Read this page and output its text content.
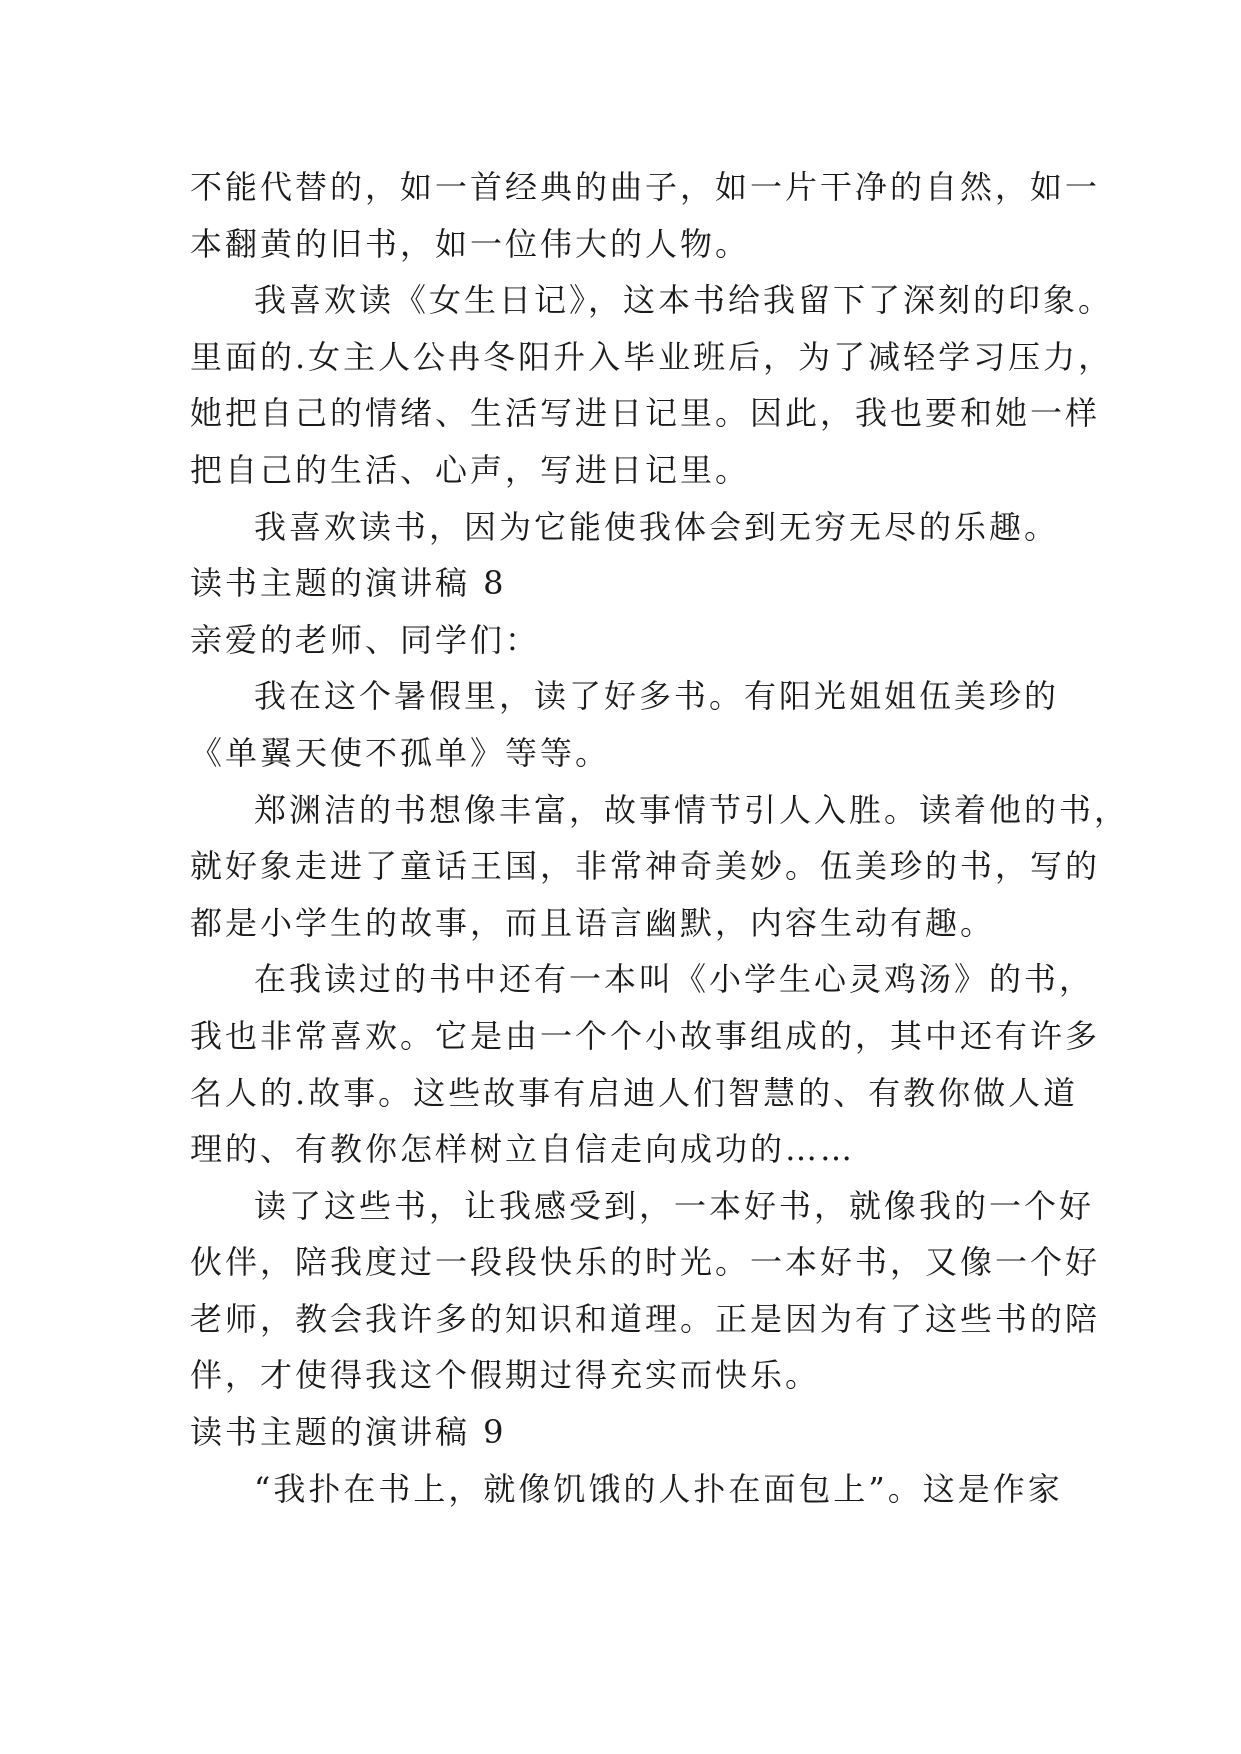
不能代替的，如一首经典的曲子，如一片干净的自然，如一
本翻黄的旧书，如一位伟大的人物。
我喜欢读《女生日记》，这本书给我留下了深刻的印象。
里面的.女主人公冉冬阳升入毕业班后，为了减轻学习压力，
她把自己的情绪、生活写进日记里。因此，我也要和她一样
把自己的生活、心声，写进日记里。
我喜欢读书，因为它能使我体会到无穷无尽的乐趣。
读书主题的演讲稿 8
亲爱的老师、同学们：
我在这个暑假里，读了好多书。有阳光姐姐伍美珍的
《单翼天使不孤单》等等。
郑渊洁的书想像丰富，故事情节引人入胜。读着他的书，
就好象走进了童话王国，非常神奇美妙。伍美珍的书，写的
都是小学生的故事，而且语言幽默，内容生动有趣。
在我读过的书中还有一本叫《小学生心灵鸡汤》的书，
我也非常喜欢。它是由一个个小故事组成的，其中还有许多
名人的.故事。这些故事有启迪人们智慧的、有教你做人道
理的、有教你怎样树立自信走向成功的……
读了这些书，让我感受到，一本好书，就像我的一个好
伙伴，陪我度过一段段快乐的时光。一本好书，又像一个好
老师，教会我许多的知识和道理。正是因为有了这些书的陪
伴，才使得我这个假期过得充实而快乐。
读书主题的演讲稿 9
“我扑在书上，就像饥饿的人扑在面包上”。这是作家
